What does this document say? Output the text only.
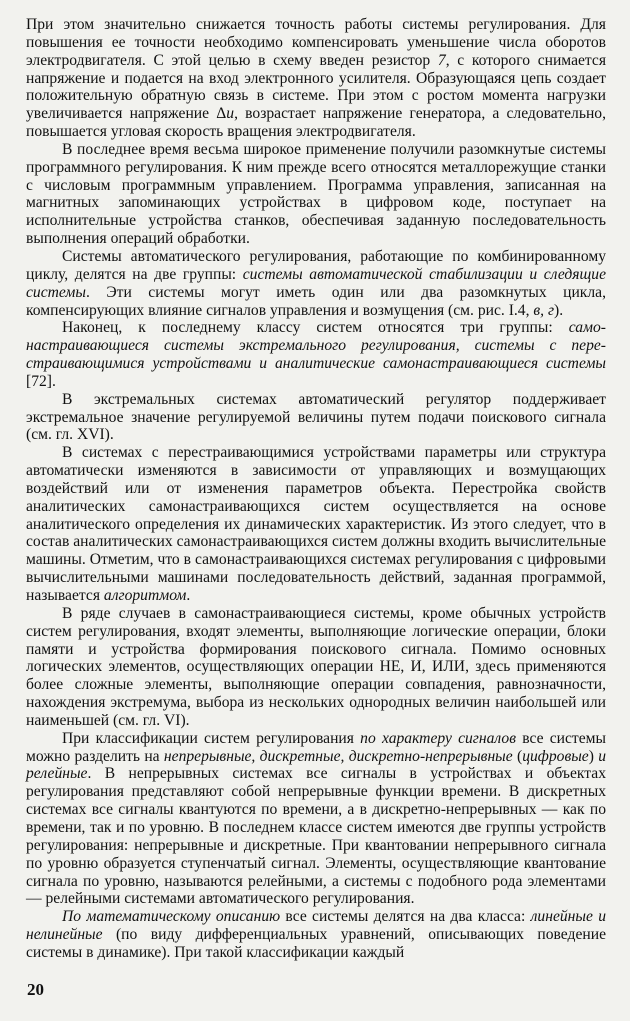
При этом значительно снижается точность работы системы регулирования. Для повышения ее точности необходимо компенсировать уменьшение числа оборотов электродвигателя. С этой целью в схему введен резистор 7, с которого снимается напряжение и подается на вход электронного усилителя. Образующаяся цепь создает положительную обратную связь в системе. При этом с ростом момента нагрузки увеличивается напряжение Δu, возрастает напряжение генератора, а следовательно, повышается угловая скорость вращения электродвигателя.

В последнее время весьма широкое применение получили разомкнутые системы программного регулирования. К ним прежде всего относятся металлорежущие станки с числовым программным управлением. Программа управления, записанная на магнитных запоминающих устройствах в цифровом коде, поступает на исполнительные устройства станков, обеспечивая заданную последовательность выполнения операций обработки.

Системы автоматического регулирования, работающие по комбинированному циклу, делятся на две группы: системы автоматической стабилизации и следящие системы. Эти системы могут иметь один или два разомкнутых цикла, компенсирующих влияние сигналов управления и возмущения (см. рис. I.4, в, г).

Наконец, к последнему классу систем относятся три группы: самонастраивающиеся системы экстремального регулирования, системы с перестраивающимися устройствами и аналитические самонастраивающиеся системы [72].

В экстремальных системах автоматический регулятор поддерживает экстремальное значение регулируемой величины путем подачи поискового сигнала (см. гл. XVI).

В системах с перестраивающимися устройствами параметры или структура автоматически изменяются в зависимости от управляющих и возмущающих воздействий или от изменения параметров объекта. Перестройка свойств аналитических самонастраивающихся систем осуществляется на основе аналитического определения их динамических характеристик. Из этого следует, что в состав аналитических самонастраивающихся систем должны входить вычислительные машины. Отметим, что в самонастраивающихся системах регулирования с цифровыми вычислительными машинами последовательность действий, заданная программой, называется алгоритмом.

В ряде случаев в самонастраивающиеся системы, кроме обычных устройств систем регулирования, входят элементы, выполняющие логические операции, блоки памяти и устройства формирования поискового сигнала. Помимо основных логических элементов, осуществляющих операции НЕ, И, ИЛИ, здесь применяются более сложные элементы, выполняющие операции совпадения, равнозначности, нахождения экстремума, выбора из нескольких однородных величин наибольшей или наименьшей (см. гл. VI).

При классификации систем регулирования по характеру сигналов все системы можно разделить на непрерывные, дискретные, дискретно-непрерывные (цифровые) и релейные. В непрерывных системах все сигналы в устройствах и объектах регулирования представляют собой непрерывные функции времени. В дискретных системах все сигналы квантуются по времени, а в дискретно-непрерывных — как по времени, так и по уровню. В последнем классе систем имеются две группы устройств регулирования: непрерывные и дискретные. При квантовании непрерывного сигнала по уровню образуется ступенчатый сигнал. Элементы, осуществляющие квантование сигнала по уровню, называются релейными, а системы с подобного рода элементами — релейными системами автоматического регулирования.

По математическому описанию все системы делятся на два класса: линейные и нелинейные (по виду дифференциальных уравнений, описывающих поведение системы в динамике). При такой классификации каждый

20
